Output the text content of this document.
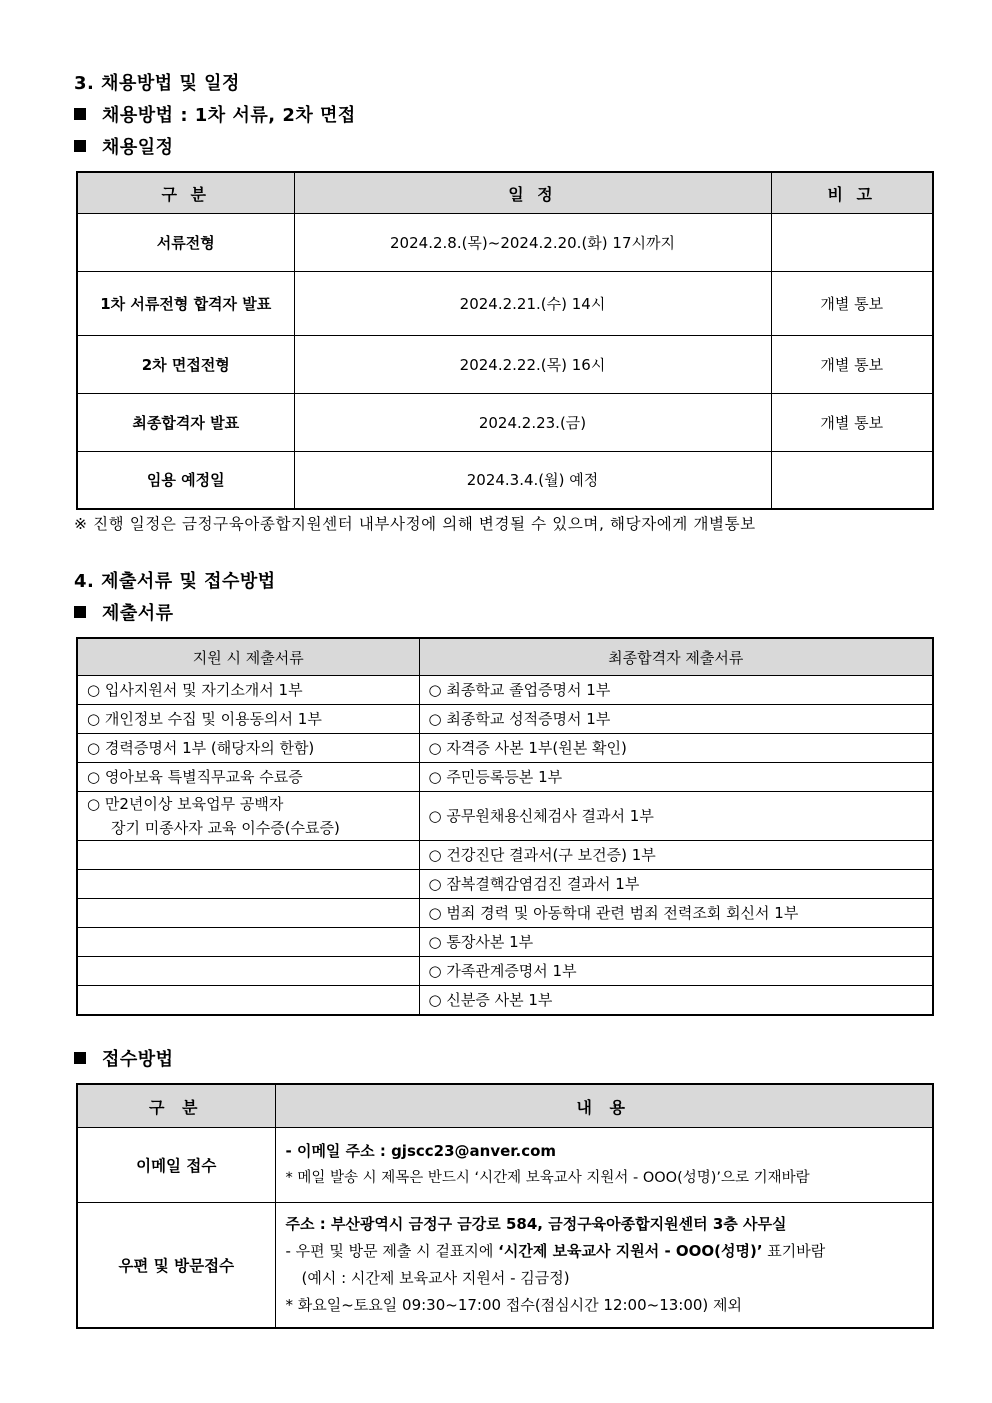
3. 채용방법 및 일정
채용방법 : 1차 서류, 2차 면접
채용일정
구 분	일 정	비 고
서류전형	2024.2.8.(목)~2024.2.20.(화) 17시까지	
1차 서류전형 합격자 발표	2024.2.21.(수) 14시	개별 통보
2차 면접전형	2024.2.22.(목) 16시	개별 통보
최종합격자 발표	2024.2.23.(금)	개별 통보
임용 예정일	2024.3.4.(월) 예정	
※ 진행 일정은 금정구육아종합지원센터 내부사정에 의해 변경될 수 있으며, 해당자에게 개별통보
4. 제출서류 및 접수방법
제출서류
지원 시 제출서류	최종합격자 제출서류
○ 입사지원서 및 자기소개서 1부	○ 최종학교 졸업증명서 1부
○ 개인정보 수집 및 이용동의서 1부	○ 최종학교 성적증명서 1부
○ 경력증명서 1부 (해당자의 한함)	○ 자격증 사본 1부(원본 확인)
○ 영아보육 특별직무교육 수료증	○ 주민등록등본 1부

○ 만2년이상 보육업무 공백자
장기 미종사자 교육 이수증(수료증)	○ 공무원채용신체검사 결과서 1부
	○ 건강진단 결과서(구 보건증) 1부
	○ 잠복결핵감염검진 결과서 1부
	○ 범죄 경력 및 아동학대 관련 범죄 전력조회 회신서 1부
	○ 통장사본 1부
	○ 가족관계증명서 1부
	○ 신분증 사본 1부
접수방법
구 분	내 용
이메일 접수	- 이메일 주소 : gjscc23@anver.com
* 메일 발송 시 제목은 반드시 ‘시간제 보육교사 지원서 - OOO(성명)’으로 기재바람

우편 및 방문접수	주소 : 부산광역시 금정구 금강로 584, 금정구육아종합지원센터 3층 사무실
- 우편 및 방문 제출 시 겉표지에 ‘시간제 보육교사 지원서 - OOO(성명)’ 표기바람
(예시 : 시간제 보육교사 지원서 - 김금정)
* 화요일~토요일 09:30~17:00 접수(점심시간 12:00~13:00) 제외
